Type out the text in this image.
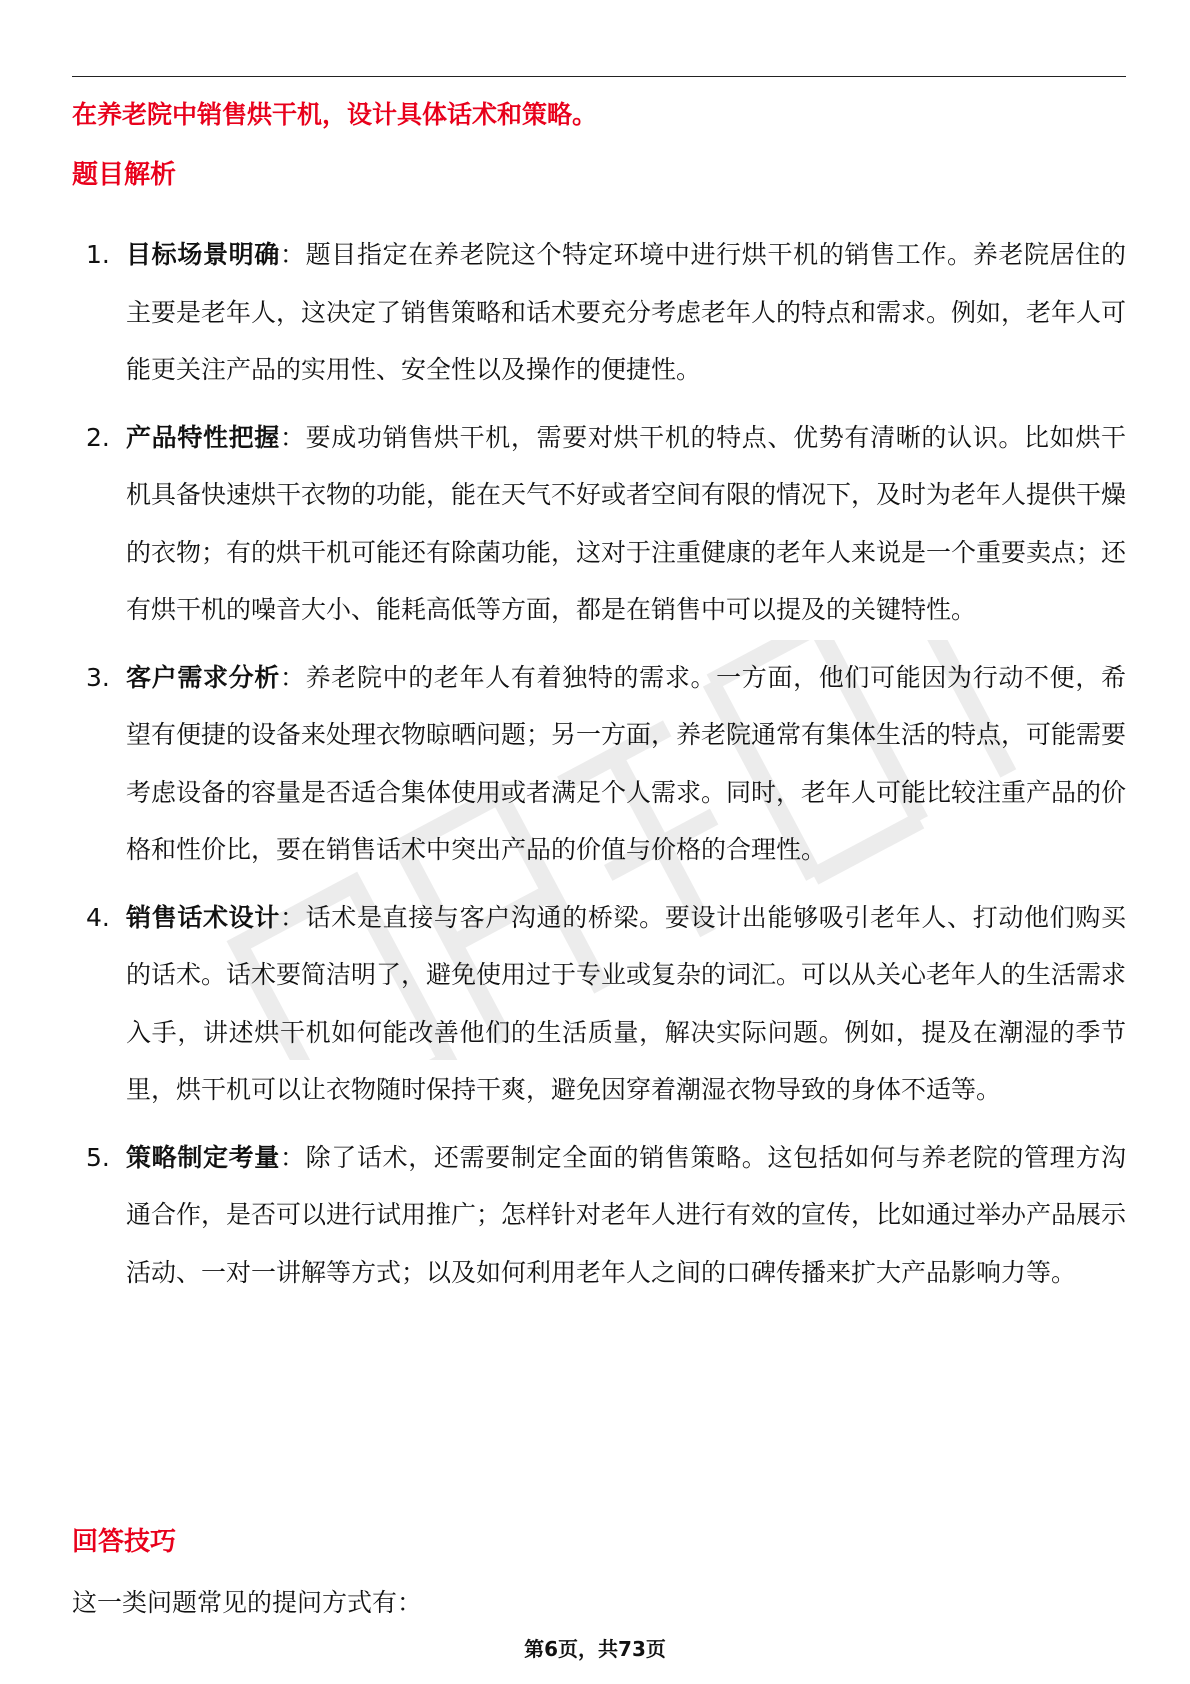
在养老院中销售烘干机，设计具体话术和策略。
题目解析
1. 目标场景明确：题目指定在养老院这个特定环境中进行烘干机的销售工作。养老院居住的主要是老年人，这决定了销售策略和话术要充分考虑老年人的特点和需求。例如，老年人可能更关注产品的实用性、安全性以及操作的便捷性。
2. 产品特性把握：要成功销售烘干机，需要对烘干机的特点、优势有清晰的认识。比如烘干机具备快速烘干衣物的功能，能在天气不好或者空间有限的情况下，及时为老年人提供干燥的衣物；有的烘干机可能还有除菌功能，这对于注重健康的老年人来说是一个重要卖点；还有烘干机的噪音大小、能耗高低等方面，都是在销售中可以提及的关键特性。
3. 客户需求分析：养老院中的老年人有着独特的需求。一方面，他们可能因为行动不便，希望有便捷的设备来处理衣物晾晒问题；另一方面，养老院通常有集体生活的特点，可能需要考虑设备的容量是否适合集体使用或者满足个人需求。同时，老年人可能比较注重产品的价格和性价比，要在销售话术中突出产品的价值与价格的合理性。
4. 销售话术设计：话术是直接与客户沟通的桥梁。要设计出能够吸引老年人、打动他们购买的话术。话术要简洁明了，避免使用过于专业或复杂的词汇。可以从关心老年人的生活需求入手，讲述烘干机如何能改善他们的生活质量，解决实际问题。例如，提及在潮湿的季节里，烘干机可以让衣物随时保持干爽，避免因穿着潮湿衣物导致的身体不适等。
5. 策略制定考量：除了话术，还需要制定全面的销售策略。这包括如何与养老院的管理方沟通合作，是否可以进行试用推广；怎样针对老年人进行有效的宣传，比如通过举办产品展示活动、一对一讲解等方式；以及如何利用老年人之间的口碑传播来扩大产品影响力等。
回答技巧
这一类问题常见的提问方式有：
第6页，共73页
